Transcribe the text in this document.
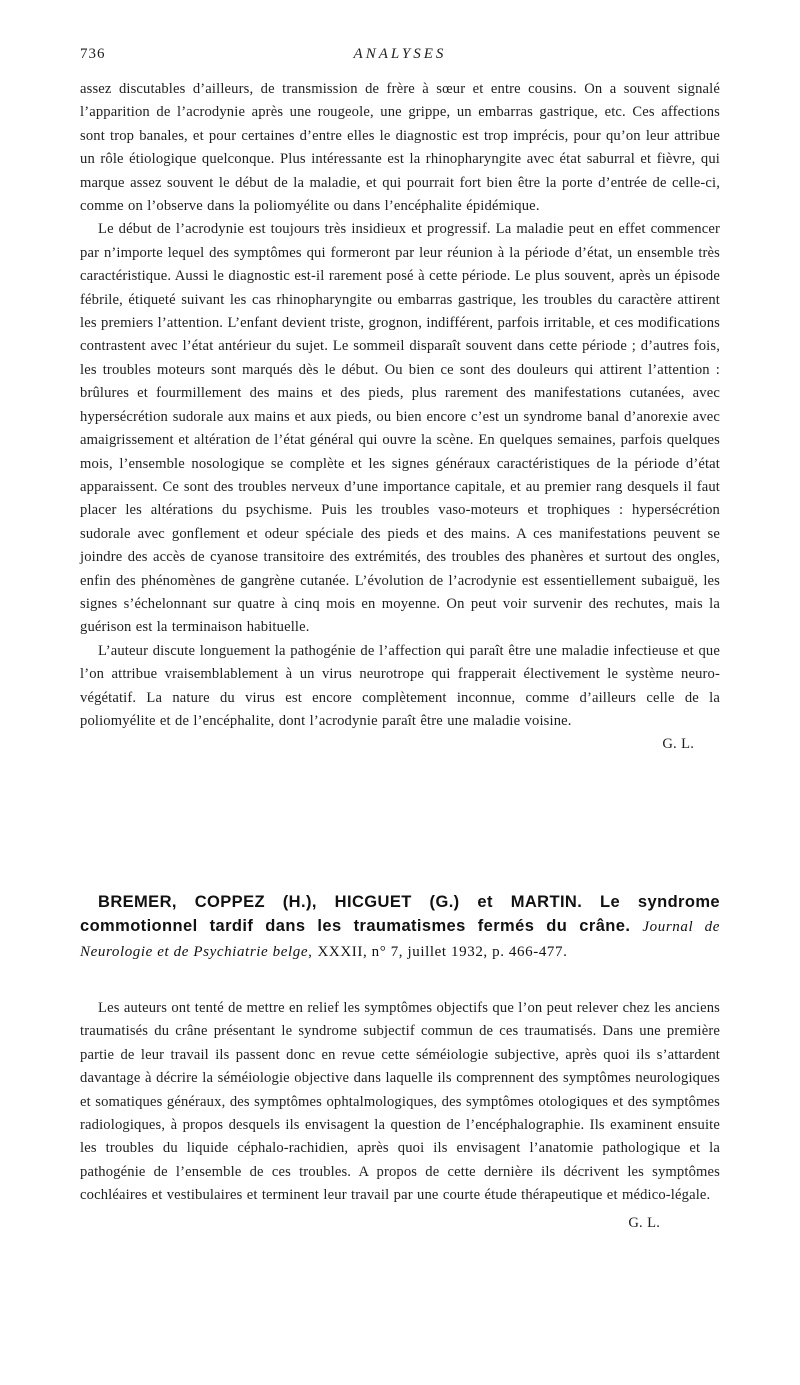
736	ANALYSES

assez discutables d’ailleurs, de transmission de frère à sœur et entre cousins. On a souvent signalé l’apparition de l’acrodynie après une rougeole, une grippe, un embarras gastrique, etc. Ces affections sont trop banales, et pour certaines d’entre elles le diagnostic est trop imprécis, pour qu’on leur attribue un rôle étiologique quelconque. Plus intéressante est la rhinopharyngite avec état saburral et fièvre, qui marque assez souvent le début de la maladie, et qui pourrait fort bien être la porte d’entrée de celle-ci, comme on l’observe dans la poliomyélite ou dans l’encéphalite épidémique.

Le début de l’acrodynie est toujours très insidieux et progressif. La maladie peut en effet commencer par n’importe lequel des symptômes qui formeront par leur réunion à la période d’état, un ensemble très caractéristique. Aussi le diagnostic est-il rarement posé à cette période. Le plus souvent, après un épisode fébrile, étiqueté suivant les cas rhinopharyngite ou embarras gastrique, les troubles du caractère attirent les premiers l’attention. L’enfant devient triste, grognon, indifférent, parfois irritable, et ces modifications contrastent avec l’état antérieur du sujet. Le sommeil disparaît souvent dans cette période ; d’autres fois, les troubles moteurs sont marqués dès le début. Ou bien ce sont des douleurs qui attirent l’attention : brûlures et fourmillement des mains et des pieds, plus rarement des manifestations cutanées, avec hypersécrétion sudorale aux mains et aux pieds, ou bien encore c’est un syndrome banal d’anorexie avec amaigrissement et altération de l’état général qui ouvre la scène. En quelques semaines, parfois quelques mois, l’ensemble nosologique se complète et les signes généraux caractéristiques de la période d’état apparaissent. Ce sont des troubles nerveux d’une importance capitale, et au premier rang desquels il faut placer les altérations du psychisme. Puis les troubles vaso-moteurs et trophiques : hypersécrétion sudorale avec gonflement et odeur spéciale des pieds et des mains. A ces manifestations peuvent se joindre des accès de cyanose transitoire des extrémités, des troubles des phanères et surtout des ongles, enfin des phénomènes de gangrène cutanée. L’évolution de l’acrodynie est essentiellement subaiguë, les signes s’échelonnant sur quatre à cinq mois en moyenne. On peut voir survenir des rechutes, mais la guérison est la terminaison habituelle.

L’auteur discute longuement la pathogénie de l’affection qui paraît être une maladie infectieuse et que l’on attribue vraisemblablement à un virus neurotrope qui frapperait électivement le système neuro-végétatif. La nature du virus est encore complètement inconnue, comme d’ailleurs celle de la poliomyélite et de l’encéphalite, dont l’acrodynie paraît être une maladie voisine.

G. L.

BREMER, COPPEZ (H.), HICGUET (G.) et MARTIN. Le syndrome commotionnel tardif dans les traumatismes fermés du crâne. Journal de Neurologie et de Psychiatrie belge, XXXII, n° 7, juillet 1932, p. 466-477.

Les auteurs ont tenté de mettre en relief les symptômes objectifs que l’on peut relever chez les anciens traumatisés du crâne présentant le syndrome subjectif commun de ces traumatisés. Dans une première partie de leur travail ils passent donc en revue cette séméiologie subjective, après quoi ils s’attardent davantage à décrire la séméiologie objective dans laquelle ils comprennent des symptômes neurologiques et somatiques généraux, des symptômes ophtalmologiques, des symptômes otologiques et des symptômes radiologiques, à propos desquels ils envisagent la question de l’encéphalographie. Ils examinent ensuite les troubles du liquide céphalo-rachidien, après quoi ils envisagent l’anatomie pathologique et la pathogénie de l’ensemble de ces troubles. A propos de cette dernière ils décrivent les symptômes cochléaires et vestibulaires et terminent leur travail par une courte étude thérapeutique et médico-légale.

G. L.
